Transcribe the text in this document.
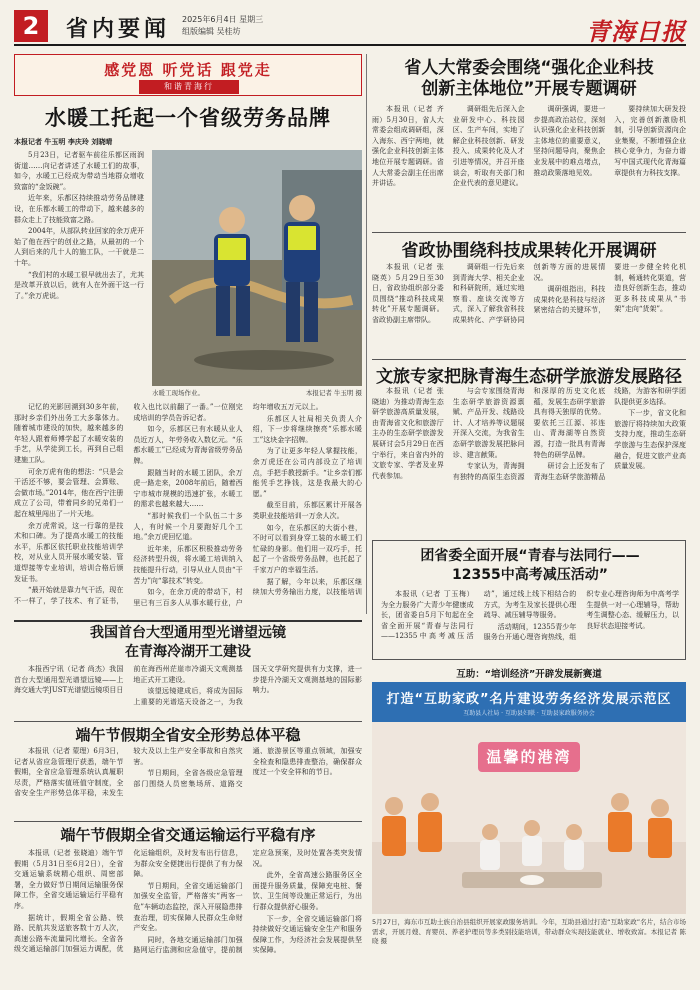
2	省内要闻 2025年6月4日 星期三
组版编辑 吴桂坊	青海日报
感党恩 听党话 跟党走
和谐青海行
水暖工托起一个省级劳务品牌
本报记者 牛玉明 李庆玲 刘晓晴

5月23日，记者驱车前往乐都区雨润街道……向记者讲述了水暖工们的故事，如今，水暖工已经成为带动当地群众增收致富的“金饭碗”。

近年来，乐都区持续推动劳务品牌建设，在乐都水暖工的带动下，越来越多的群众走上了技能致富之路。

2004年，从部队转业回家的余万虎开始了他在西宁的创业之路，从最初的一个人到后来的几十人的施工队，一干就是二十年。

“我们村的水暖工很早就出去了，尤其是改革开放以后，就有人在外面干这一行了。”余万虎说。

水暖工现场作业。	本报记者 牛玉明 摄

记忆的光影回溯到30多年前，那时乡亲们外出务工大多靠体力。随着城市建设的加快，越来越多的年轻人跟着师傅学起了水暖安装的手艺，从学徒到工长，再到自己组建施工队。

可余万虎有他的想法：“只是会干活还不够，要会管理、会算账、会做市场。”2014年，他在西宁注册成立了公司，带着同乡的兄弟们一起在城里闯出了一片天地。

余万虎常说，这一行靠的是技术和口碑。为了提高水暖工的技能水平，乐都区依托职业技能培训学校，对从业人员开展水暖安装、管道焊接等专业培训，培训合格后颁发证书。

“最开始就是靠力气干活，现在不一样了，学了技术、有了证书，收入也比以前翻了一番。”一位刚完成培训的学员告诉记者。

如今，乐都区已有水暖从业人员近万人，年劳务收入数亿元。“乐都水暖工”已经成为青海省级劳务品牌。

跟随当时的水暖工团队，余万虎一路走来，2008年前后，随着西宁市城市规模的迅速扩张，水暖工的需求也越来越大……

“那时候我们一个队伍二十多人，有时候一个月要跑好几个工地。”余万虎回忆道。

近年来，乐都区积极推动劳务经济转型升级，将水暖工培训纳入技能提升行动，引导从业人员由“干苦力”向“靠技术”转变。

如今，在余万虎的带动下，村里已有三百多人从事水暖行业，户均年增收五万元以上。

乐都区人社局相关负责人介绍，下一步将继续擦亮“乐都水暖工”这块金字招牌。

为了让更多年轻人掌握技能，余万虎还在公司内部设立了培训点，手把手教授新手。“让乡亲们都能凭手艺挣钱，这是我最大的心愿。”

截至目前，乐都区累计开展各类职业技能培训一万余人次。

如今，在乐都区的大街小巷，不时可以看到身穿工装的水暖工们忙碌的身影。他们用一双巧手，托起了一个省级劳务品牌，也托起了千家万户的幸福生活。

据了解，今年以来，乐都区继续加大劳务输出力度，以技能培训

省人大常委会围绕“强化企业科技
创新主体地位”开展专题调研

本报讯（记者 齐雨）5月30日，省人大常委会组成调研组，深入海东、西宁两地，就强化企业科技创新主体地位开展专题调研。省人大常委会副主任出席并讲话。

调研组先后深入企业研发中心、科技园区、生产车间，实地了解企业科技创新、研发投入、成果转化及人才引进等情况，并召开座谈会，听取有关部门和企业代表的意见建议。

调研强调，要进一步提高政治站位，深刻认识强化企业科技创新主体地位的重要意义，坚持问题导向，聚焦企业发展中的难点堵点，推动政策落地见效。

要持续加大研发投入，完善创新激励机制，引导创新资源向企业集聚，不断增强企业核心竞争力，为奋力谱写中国式现代化青海篇章提供有力科技支撑。

省政协围绕科技成果转化开展调研

本报讯（记者 张晓英）5月29日至30日，省政协组织部分委员围绕“推动科技成果转化”开展专题调研。省政协副主席带队。

调研组一行先后来到青海大学、相关企业和科研院所，通过实地察看、座谈交流等方式，深入了解我省科技成果转化、产学研协同创新等方面的进展情况。

调研组指出，科技成果转化是科技与经济紧密结合的关键环节，要进一步健全转化机制，畅通转化渠道，营造良好创新生态，推动更多科技成果从“书架”走向“货架”。

文旅专家把脉青海生态研学旅游发展路径

本报讯（记者 张晓迪）为推动青海生态研学旅游高质量发展，由青海省文化和旅游厅主办的生态研学旅游发展研讨会5月29日在西宁举行，来自省内外的文旅专家、学者及业界代表参加。

与会专家围绕青海生态研学旅游资源禀赋、产品开发、线路设计、人才培养等议题展开深入交流，为我省生态研学旅游发展把脉问诊、建言献策。

专家认为，青海拥有独特的高原生态资源和深厚的历史文化底蕴，发展生态研学旅游具有得天独厚的优势。要依托三江源、祁连山、青海湖等自然资源，打造一批具有青海特色的研学品牌。

研讨会上还发布了青海生态研学旅游精品线路，为游客和研学团队提供更多选择。

下一步，省文化和旅游厅将持续加大政策支持力度，推动生态研学旅游与生态保护深度融合，促进文旅产业高质量发展。

团省委全面开展“青春与法同行——
12355中高考减压活动”

本报讯（记者 丁玉梅）为全力服务广大青少年健康成长，团省委自5月下旬起在全省全面开展“青春与法同行——12355中高考减压活动”，通过线上线下相结合的方式，为考生及家长提供心理疏导、减压辅导等服务。

活动期间，12355青少年服务台开通心理咨询热线，组织专业心理咨询师为中高考学生提供一对一心理辅导，帮助考生调整心态、缓解压力，以良好状态迎接考试。

我国首台大型通用型光谱望远镜
在青海冷湖开工建设

本报西宁讯（记者 尚杰）我国首台大型通用型光谱望远镜——上海交通大学JUST光谱望远镜项目日前在海西州茫崖市冷湖天文观测基地正式开工建设。

该望远镜建成后，将成为国际上重要的光谱巡天设备之一，为我国天文学研究提供有力支撑，进一步提升冷湖天文观测基地的国际影响力。

端午节假期全省安全形势总体平稳

本报讯（记者 蒙理）6月3日，记者从省应急管理厅获悉，端午节假期，全省应急管理系统认真履职尽责，严格落实值班值守制度，全省安全生产形势总体平稳，未发生较大及以上生产安全事故和自然灾害。

节日期间，全省各级应急管理部门围绕人员密集场所、道路交通、旅游景区等重点领域，加强安全检查和隐患排查整治，确保群众度过一个安全祥和的节日。

端午节假期全省交通运输运行平稳有序

本报讯（记者 张晓迪）端午节假期（5月31日至6月2日），全省交通运输系统精心组织、周密部署，全力做好节日期间运输服务保障工作，全省交通运输运行平稳有序。

据统计，假期全省公路、铁路、民航共发送旅客数十万人次，高速公路车流量同比增长。全省各级交通运输部门加强运力调配，优化运输组织，及时发布出行信息，为群众安全便捷出行提供了有力保障。

节日期间，全省交通运输部门加强安全监管，严格落实“两客一危”车辆动态监控，深入开展隐患排查治理，切实保障人民群众生命财产安全。

同时，各地交通运输部门加强路网运行监测和应急值守，提前制定应急预案，及时处置各类突发情况。

此外，全省高速公路服务区全面提升服务质量，保障充电桩、餐饮、卫生间等设施正常运行，为出行群众提供舒心服务。

下一步，全省交通运输部门将持续做好交通运输安全生产和服务保障工作，为经济社会发展提供坚实保障。

互助：“培训经济”开辟发展新赛道
打造“互助家政”名片建设劳务经济发展示范区
互助县人社局 · 互助县妇联 · 互助县家政服务协会
温馨的港湾
5月27日，海东市互助土族自治县组织开展家政服务培训。今年，互助县通过打造“互助家政”名片，结合市场需求，开展月嫂、育婴员、养老护理员等多类别技能培训，带动群众实现技能就业、增收致富。本报记者 陈晓 摄
